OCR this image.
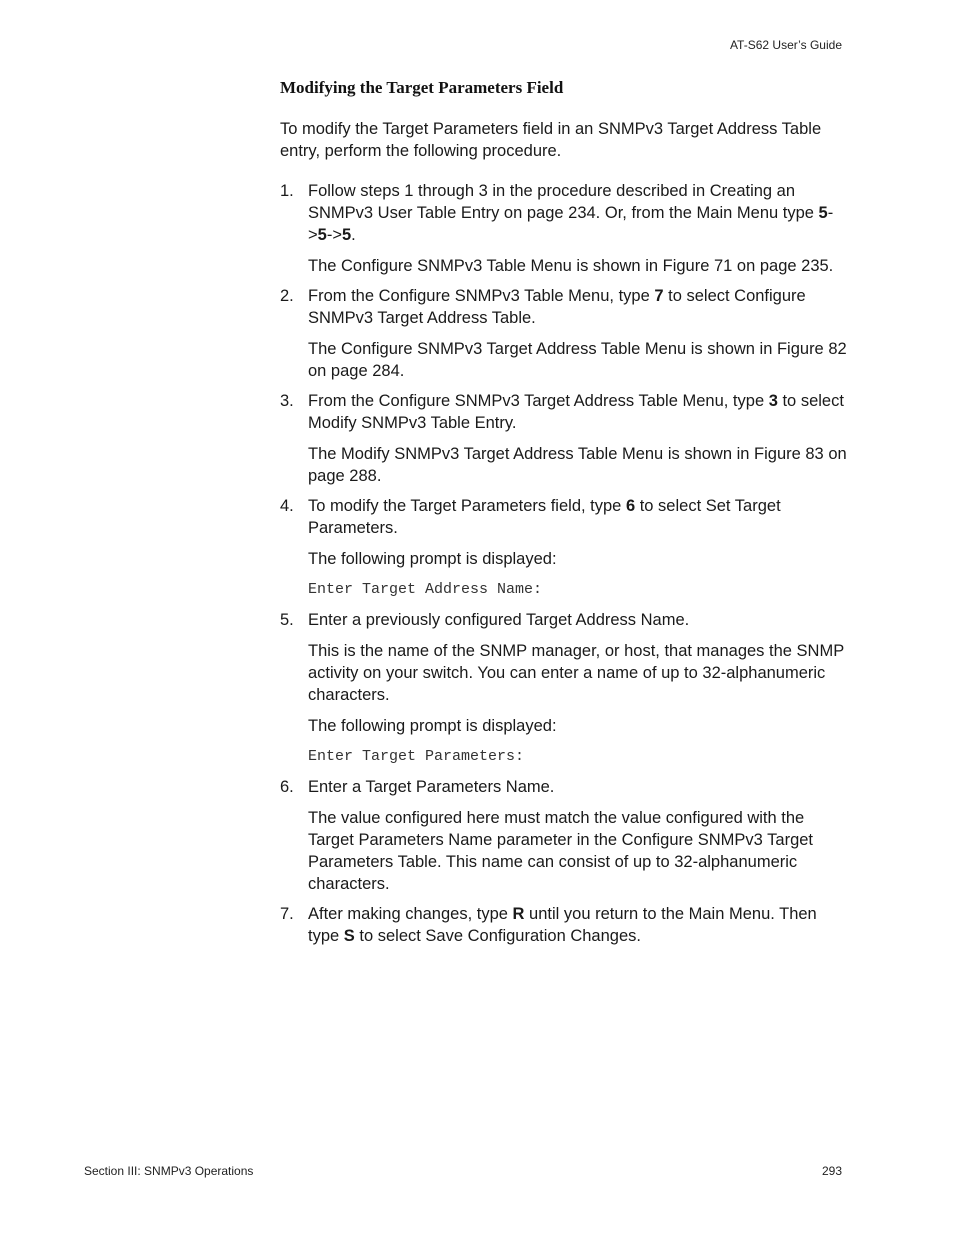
AT-S62 User’s Guide
Modifying the Target Parameters Field

To modify the Target Parameters field in an SNMPv3 Target Address Table entry, perform the following procedure.

1. Follow steps 1 through 3 in the procedure described in Creating an SNMPv3 User Table Entry on page 234. Or, from the Main Menu type 5->5->5.

The Configure SNMPv3 Table Menu is shown in Figure 71 on page 235.

2. From the Configure SNMPv3 Table Menu, type 7 to select Configure SNMPv3 Target Address Table.

The Configure SNMPv3 Target Address Table Menu is shown in Figure 82 on page 284.

3. From the Configure SNMPv3 Target Address Table Menu, type 3 to select Modify SNMPv3 Table Entry.

The Modify SNMPv3 Target Address Table Menu is shown in Figure 83 on page 288.

4. To modify the Target Parameters field, type 6 to select Set Target Parameters.

The following prompt is displayed:

Enter Target Address Name:

5. Enter a previously configured Target Address Name.

This is the name of the SNMP manager, or host, that manages the SNMP activity on your switch. You can enter a name of up to 32-alphanumeric characters.

The following prompt is displayed:

Enter Target Parameters:

6. Enter a Target Parameters Name.

The value configured here must match the value configured with the Target Parameters Name parameter in the Configure SNMPv3 Target Parameters Table. This name can consist of up to 32-alphanumeric characters.

7. After making changes, type R until you return to the Main Menu. Then type S to select Save Configuration Changes.

Section III: SNMPv3 Operations	293
